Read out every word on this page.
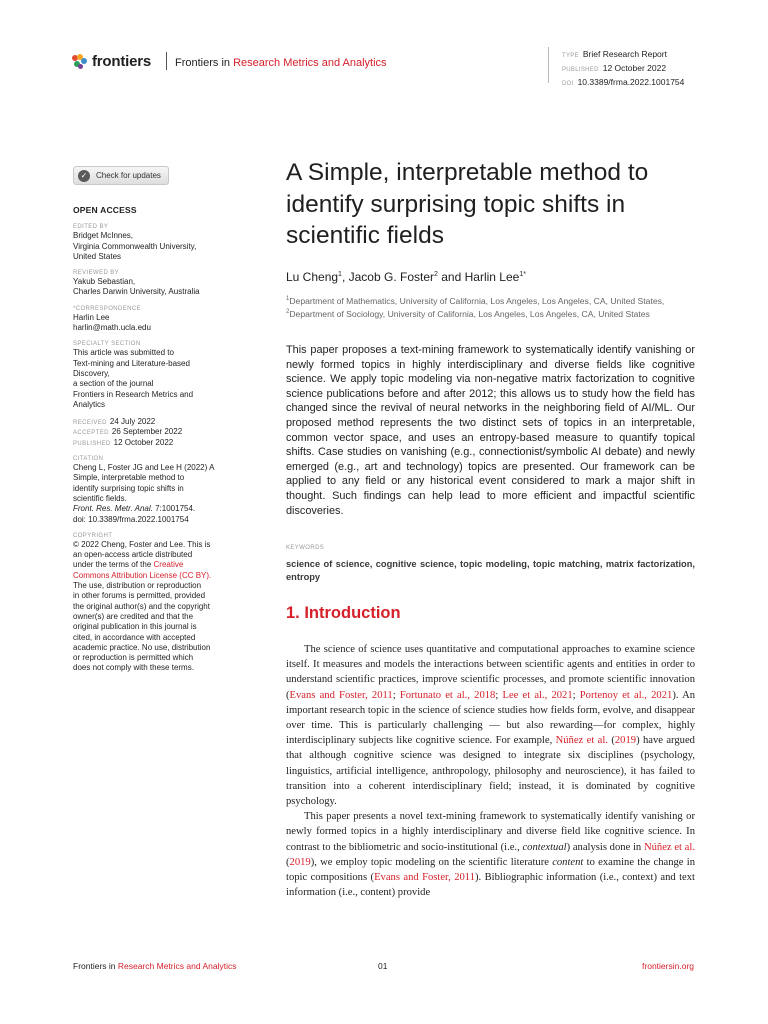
frontiers Frontiers in Research Metrics and Analytics
TYPE Brief Research Report
PUBLISHED 12 October 2022
DOI 10.3389/frma.2022.1001754
✓	Check for updates
OPEN ACCESS
EDITED BY
Bridget McInnes,
Virginia Commonwealth University,
United States
REVIEWED BY
Yakub Sebastian,
Charles Darwin University, Australia
*CORRESPONDENCE
Harlin Lee
harlin@math.ucla.edu
SPECIALTY SECTION
This article was submitted to
Text-mining and Literature-based
Discovery,
a section of the journal
Frontiers in Research Metrics and
Analytics
RECEIVED 24 July 2022
ACCEPTED 26 September 2022
PUBLISHED 12 October 2022
CITATION
Cheng L, Foster JG and Lee H (2022) A
Simple, interpretable method to
identify surprising topic shifts in
scientific fields.
Front. Res. Metr. Anal. 7:1001754.
doi: 10.3389/frma.2022.1001754
COPYRIGHT
© 2022 Cheng, Foster and Lee. This is
an open-access article distributed
under the terms of the Creative
Commons Attribution License (CC BY).
The use, distribution or reproduction
in other forums is permitted, provided
the original author(s) and the copyright
owner(s) are credited and that the
original publication in this journal is
cited, in accordance with accepted
academic practice. No use, distribution
or reproduction is permitted which
does not comply with these terms.
A Simple, interpretable method to identify surprising topic shifts in scientific fields
Lu Cheng$^1$, Jacob G. Foster$^2$ and Harlin Lee$^{1*}$
$^1$Department of Mathematics, University of California, Los Angeles, Los Angeles, CA, United States,
$^2$Department of Sociology, University of California, Los Angeles, Los Angeles, CA, United States
This paper proposes a text-mining framework to systematically identify vanishing or newly formed topics in highly interdisciplinary and diverse fields like cognitive science. We apply topic modeling via non-negative matrix factorization to cognitive science publications before and after 2012; this allows us to study how the field has changed since the revival of neural networks in the neighboring field of AI/ML. Our proposed method represents the two distinct sets of topics in an interpretable, common vector space, and uses an entropy-based measure to quantify topical shifts. Case studies on vanishing (e.g., connectionist/symbolic AI debate) and newly emerged (e.g., art and technology) topics are presented. Our framework can be applied to any field or any historical event considered to mark a major shift in thought. Such findings can help lead to more efficient and impactful scientific discoveries.
KEYWORDS
science of science, cognitive science, topic modeling, topic matching, matrix factorization, entropy
1. Introduction

The science of science uses quantitative and computational approaches to examine science itself. It measures and models the interactions between scientific agents and entities in order to understand scientific practices, improve scientific processes, and promote scientific innovation (Evans and Foster, 2011; Fortunato et al., 2018; Lee et al., 2021; Portenoy et al., 2021). An important research topic in the science of science studies how fields form, evolve, and disappear over time. This is particularly challenging — but also rewarding—for complex, highly interdisciplinary subjects like cognitive science. For example, Núñez et al. (2019) have argued that although cognitive science was designed to integrate six disciplines (psychology, linguistics, artificial intelligence, anthropology, philosophy and neuroscience), it has failed to transition into a coherent interdisciplinary field; instead, it is dominated by cognitive psychology.

This paper presents a novel text-mining framework to systematically identify vanishing or newly formed topics in a highly interdisciplinary and diverse field like cognitive science. In contrast to the bibliometric and socio-institutional (i.e., contextual) analysis done in Núñez et al. (2019), we employ topic modeling on the scientific literature content to examine the change in topic compositions (Evans and Foster, 2011). Bibliographic information (i.e., context) and text information (i.e., content) provide

Frontiers in Research Metrics and Analytics	01	frontiersin.org
